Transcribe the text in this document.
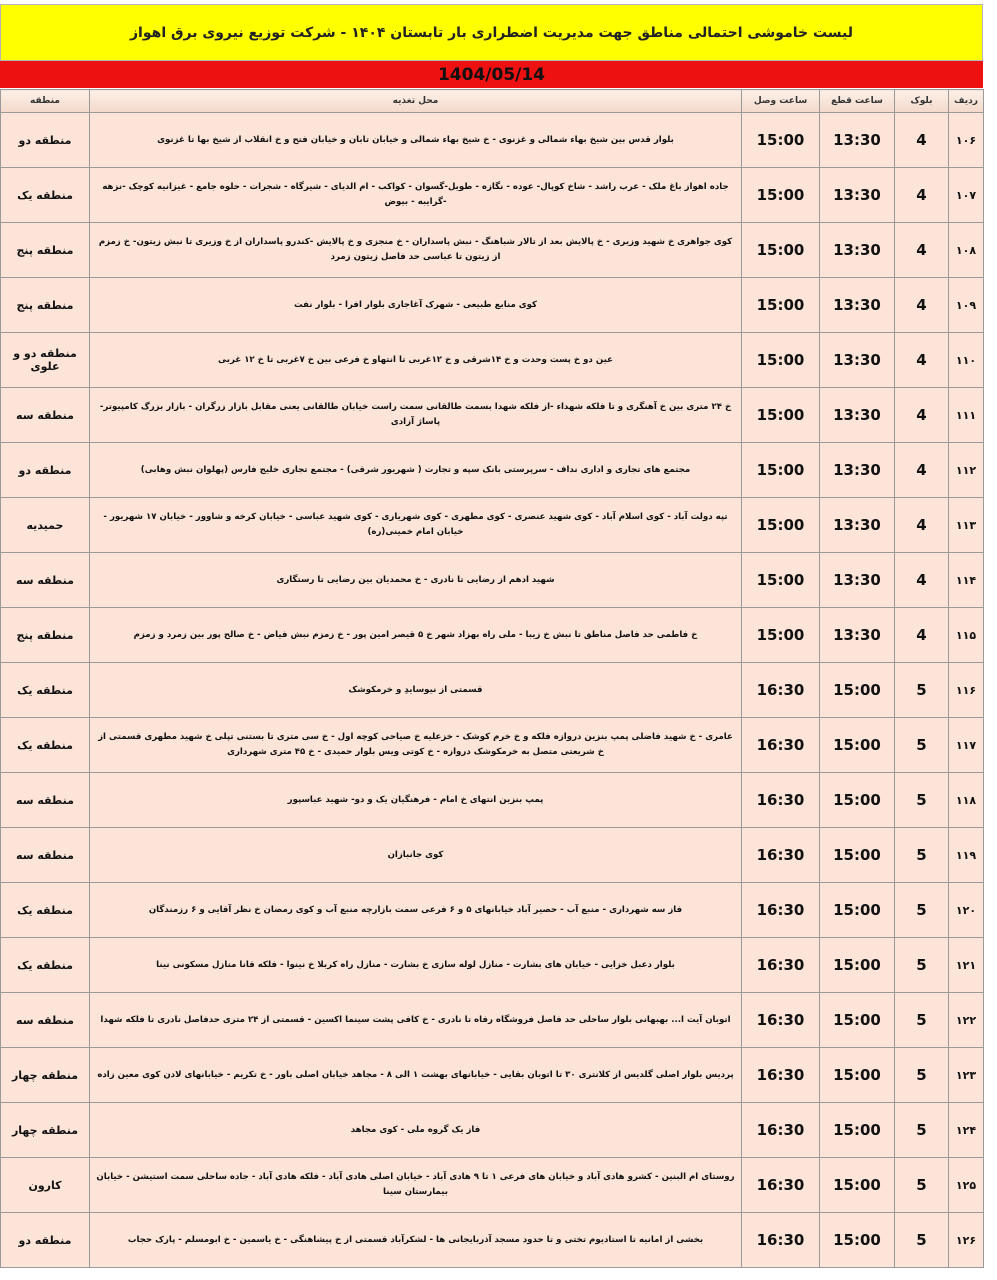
لیست خاموشی احتمالی مناطق جهت مدیریت اضطراری بار تابستان ۱۴۰۴ - شرکت توزیع نیروی برق اهواز
1404/05/14
ردیف	بلوک	ساعت قطع	ساعت وصل	محل تغذیه	منطقه
۱۰۶	4	13:30	15:00	بلوار قدس بین شیخ بهاء شمالی و غزنوی - خ شیخ بهاء شمالی و خیابان تابان و خیابان فتح و خ انقلاب از شیخ بها تا غزنوی	منطقه دو
۱۰۷	4	13:30	15:00	جاده اهواز باغ ملک - عرب راشد - شاخ کوپال- عوده - نگازه - طویل-گسوان - کواکب - ام الدیای - شیرگاه - شجرات - حلوه جامع - غیزانیه کوچک -نزهه -گرایبه - بیوض	منطقه یک
۱۰۸	4	13:30	15:00	کوی جواهری خ شهید وزیری - خ پالایش بعد از تالار شباهنگ - نبش پاسداران - خ منجزی و خ پالایش -کندرو پاسداران از خ وزیری تا نبش زیتون- خ زمزم از زیتون تا عباسی حد فاصل زیتون زمرد	منطقه پنج
۱۰۹	4	13:30	15:00	کوی منابع طبیعی - شهرک آغاجاری بلوار افرا - بلوار نفت	منطقه پنج
۱۱۰	4	13:30	15:00	عین دو خ پست وحدت و خ ۱۴شرقی و خ ۱۲غربی تا انتهاو خ فرعی بین خ ۷غربی تا خ ۱۲ غربی	منطقه دو و علوی
۱۱۱	4	13:30	15:00	خ ۲۴ متری بین خ آهنگری و تا فلکه شهداء -از فلکه شهدا بسمت طالقانی سمت راست خیابان طالقانی یعنی مقابل بازار زرگران - بازار بزرگ کامپیوتر- پاساژ آزادی	منطقه سه
۱۱۲	4	13:30	15:00	مجتمع های تجاری و اداری نداف - سرپرستی بانک سپه و تجارت ( شهریور شرقی) - مجتمع تجاری خلیج فارس (پهلوان نبش وهابی)	منطقه دو
۱۱۳	4	13:30	15:00	تپه دولت آباد - کوی اسلام آباد - کوی شهید عنصری - کوی مطهری - کوی شهریاری - کوی شهید عباسی - خیابان کرخه و شاوور - خیابان ۱۷ شهریور - خیابان امام خمینی(ره)	حمیدیه
۱۱۴	4	13:30	15:00	شهید ادهم از رضایی تا نادری - خ محمدیان بین رضایی تا رستگاری	منطقه سه
۱۱۵	4	13:30	15:00	خ فاطمی حد فاصل مناطق تا نبش خ زیبا - ملی راه بهزاد شهر خ ۵ قیصر امین پور - خ زمزم نبش فیاض - خ صالح پور بین زمرد و زمزم	منطقه پنج
۱۱۶	5	15:00	16:30	قسمتی از نیوسایدِ و خرمکوشک	منطقه یک
۱۱۷	5	15:00	16:30	عامری - خ شهید فاضلی پمپ بنزین دروازه فلکه و خ خرم کوشک - خزعلیه خ صیاحی کوچه اول - خ سی متری تا بستنی تپلی خ شهید مطهری قسمتی از خ شریعتی متصل به خرمکوشک دروازه - خ کوتی ویس بلوار حمیدی - خ ۴۵ متری شهرداری	منطقه یک
۱۱۸	5	15:00	16:30	پمپ بنزین انتهای خ امام - فرهنگیان یک و دو- شهید عباسپور	منطقه سه
۱۱۹	5	15:00	16:30	کوی جانبازان	منطقه سه
۱۲۰	5	15:00	16:30	فاز سه شهرداری - منبع آب - حصیر آباد خیابانهای ۵ و ۶ فرعی سمت بازارچه منبع آب و کوی رمضان خ نظر آقایی و ۶ رزمندگان	منطقه یک
۱۲۱	5	15:00	16:30	بلوار دعبل خزایی - خیابان های بشارت - منازل لوله سازی خ بشارت - منازل راه کربلا خ نینوا - فلکه قانا منازل مسکونی نینا	منطقه یک
۱۲۲	5	15:00	16:30	اتوبان آیت ا... بهبهانی بلوار ساحلی حد فاصل فروشگاه رفاه تا نادری - خ کافی پشت سینما اکسین - قسمتی از ۲۴ متری حدفاصل نادری تا فلکه شهدا	منطقه سه
۱۲۳	5	15:00	16:30	پردیس بلوار اصلی گلدیس از کلانتری ۳۰ تا اتوبان بقایی - خیابانهای بهشت ۱ الی ۸ - مجاهد خیابان اصلی باور - خ تکریم - خیابانهای لادن کوی معین زاده	منطقه چهار
۱۲۴	5	15:00	16:30	فاز یک گروه ملی - کوی مجاهد	منطقه چهار
۱۲۵	5	15:00	16:30	روستای ام البنین - کشرو هادی آباد و خیابان های فرعی ۱ تا ۹ هادی آباد - خیابان اصلی هادی آباد - فلکه هادی آباد - جاده ساحلی سمت استیشن - خیابان بیمارستان سینا	کارون
۱۲۶	5	15:00	16:30	بخشی از امانیه تا استادیوم تختی و تا حدود مسجد آذربایجانی ها - لشکرآباد قسمتی از خ پیشاهنگی - خ یاسمین - خ ابومسلم - پارک حجاب	منطقه دو
